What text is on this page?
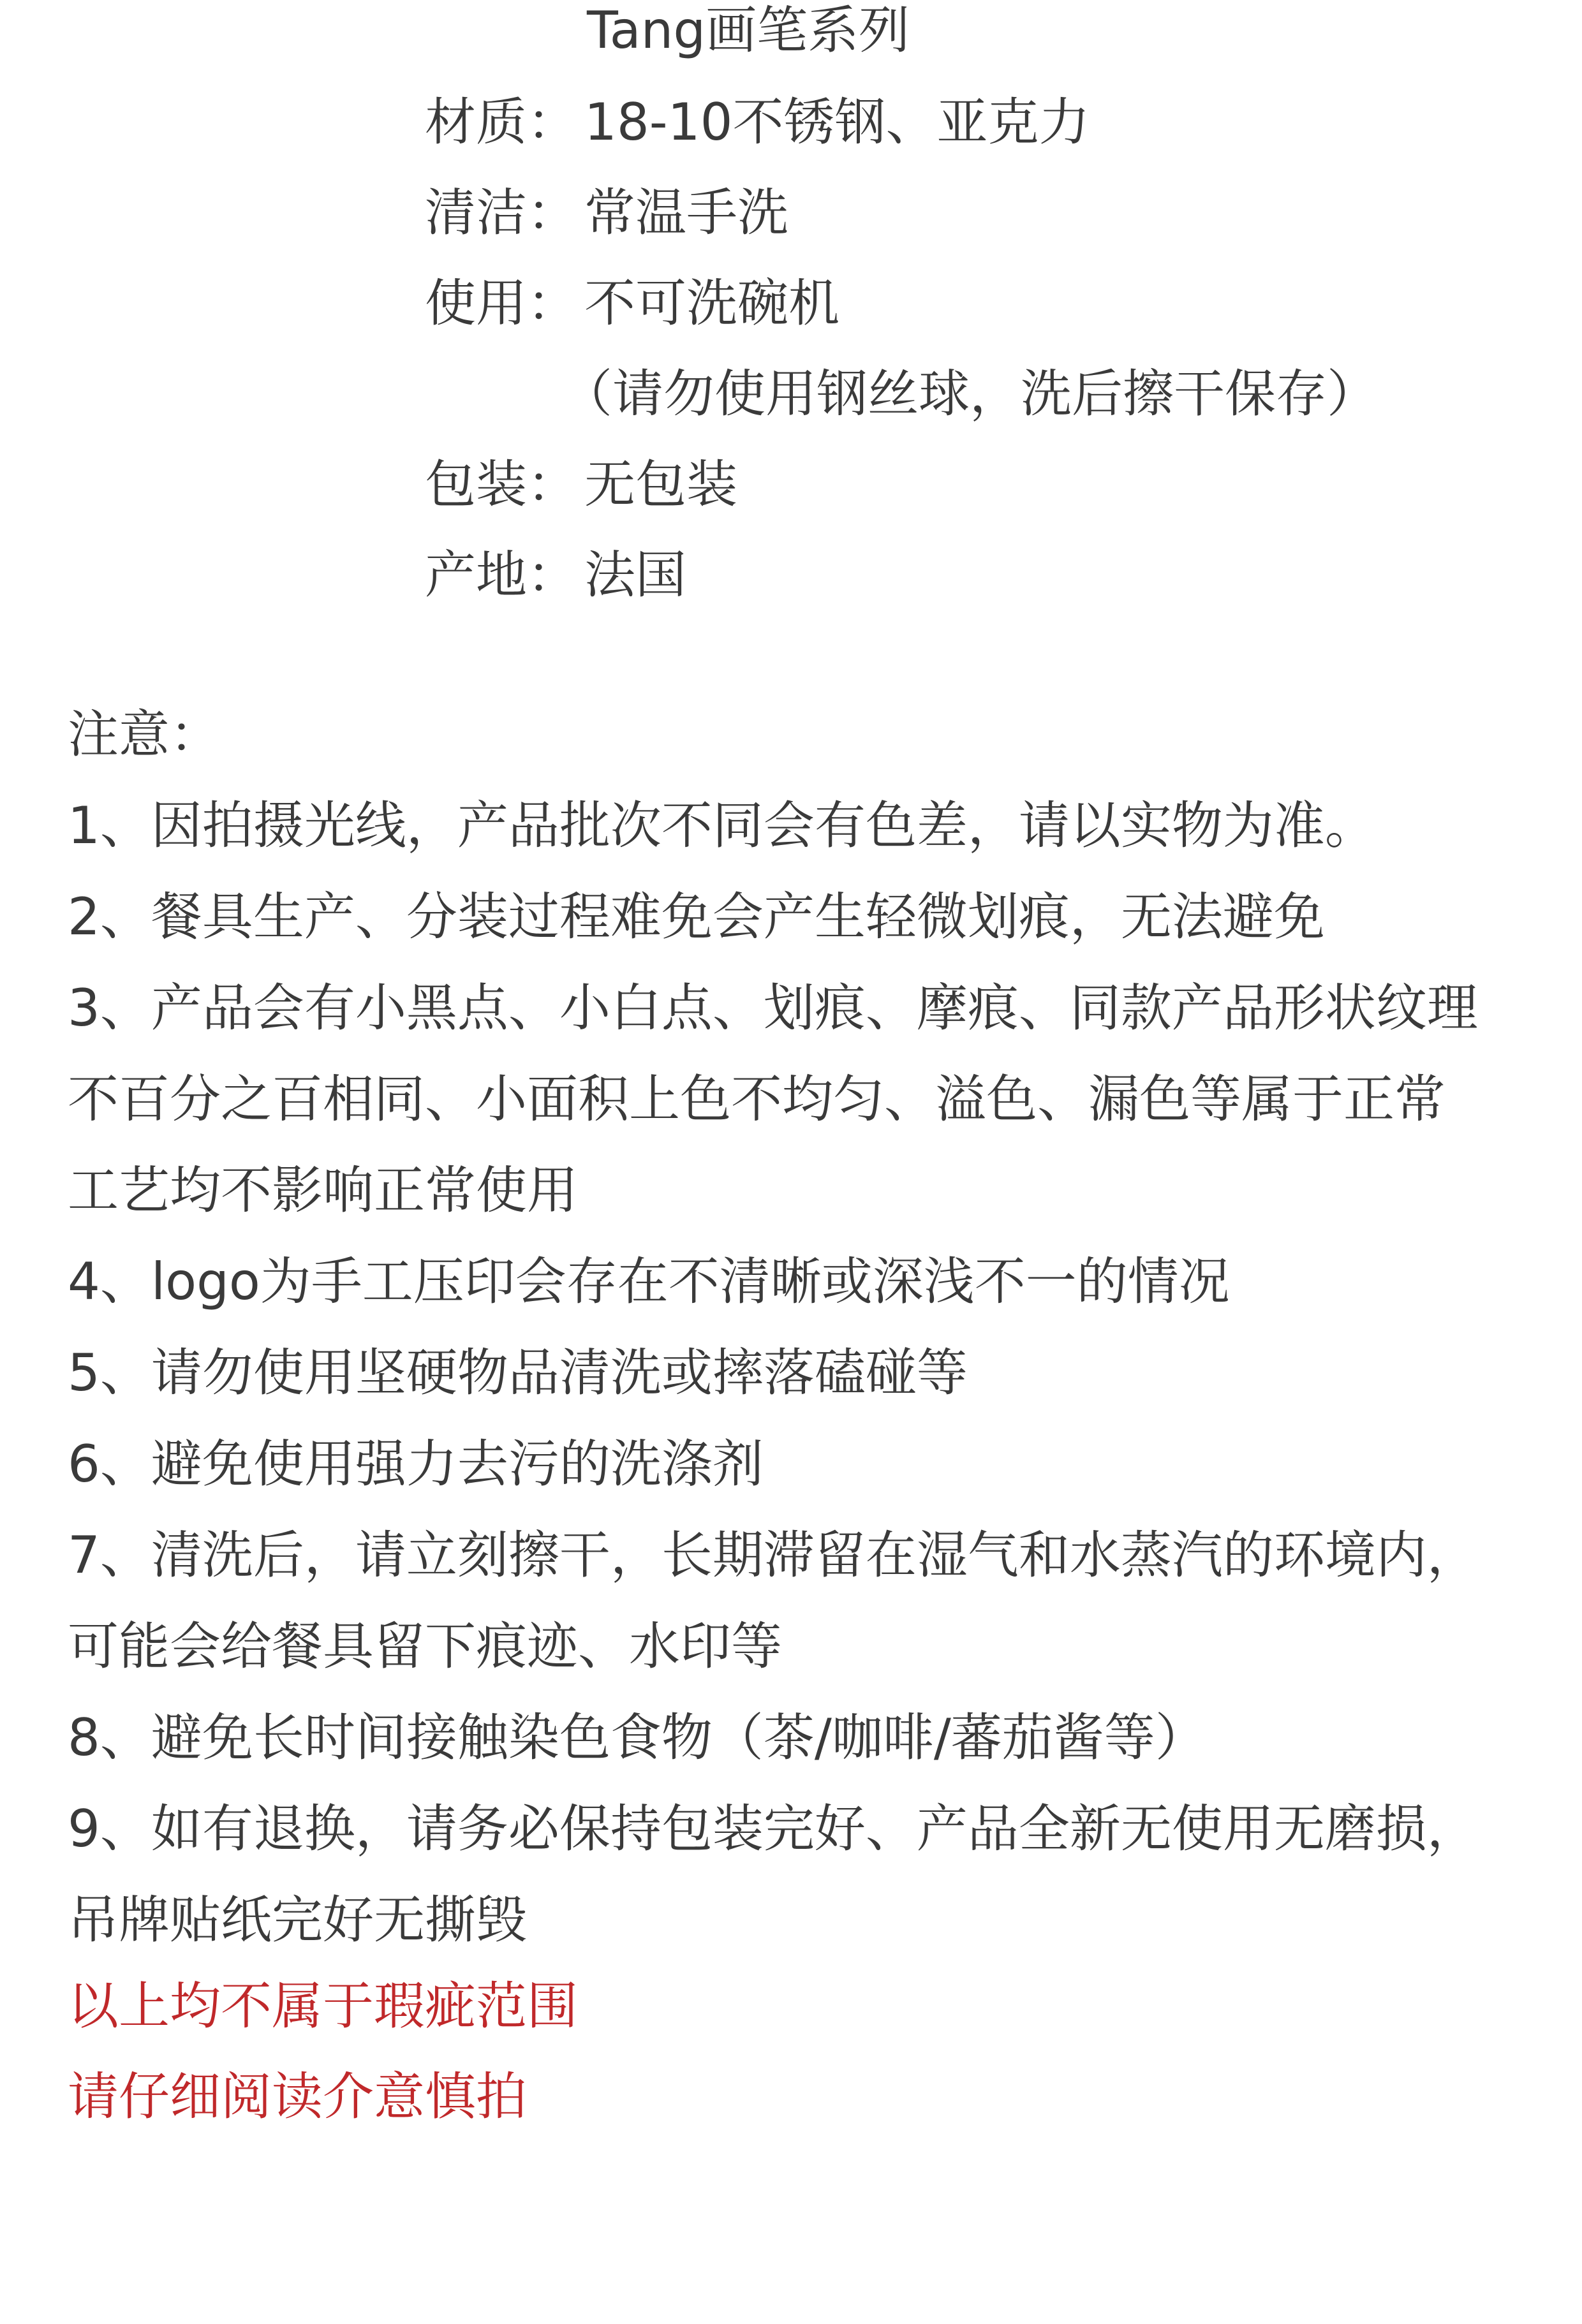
Tang画笔系列
材质： 18-10不锈钢、亚克力
清洁： 常温手洗
使用： 不可洗碗机
（请勿使用钢丝球，洗后擦干保存）
包装： 无包装
产地： 法国
注意：
1、因拍摄光线，产品批次不同会有色差，请以实物为准。
2、餐具生产、分装过程难免会产生轻微划痕，无法避免
3、产品会有小黑点、小白点、划痕、摩痕、同款产品形状纹理
不百分之百相同、小面积上色不均匀、溢色、漏色等属于正常
工艺均不影响正常使用
4、logo为手工压印会存在不清晰或深浅不一的情况
5、请勿使用坚硬物品清洗或摔落磕碰等
6、避免使用强力去污的洗涤剂
7、清洗后，请立刻擦干，长期滞留在湿气和水蒸汽的环境内，
可能会给餐具留下痕迹、水印等
8、避免长时间接触染色食物（茶/咖啡/蕃茄酱等）
9、如有退换，请务必保持包装完好、产品全新无使用无磨损，
吊牌贴纸完好无撕毁
以上均不属于瑕疵范围
请仔细阅读介意慎拍
